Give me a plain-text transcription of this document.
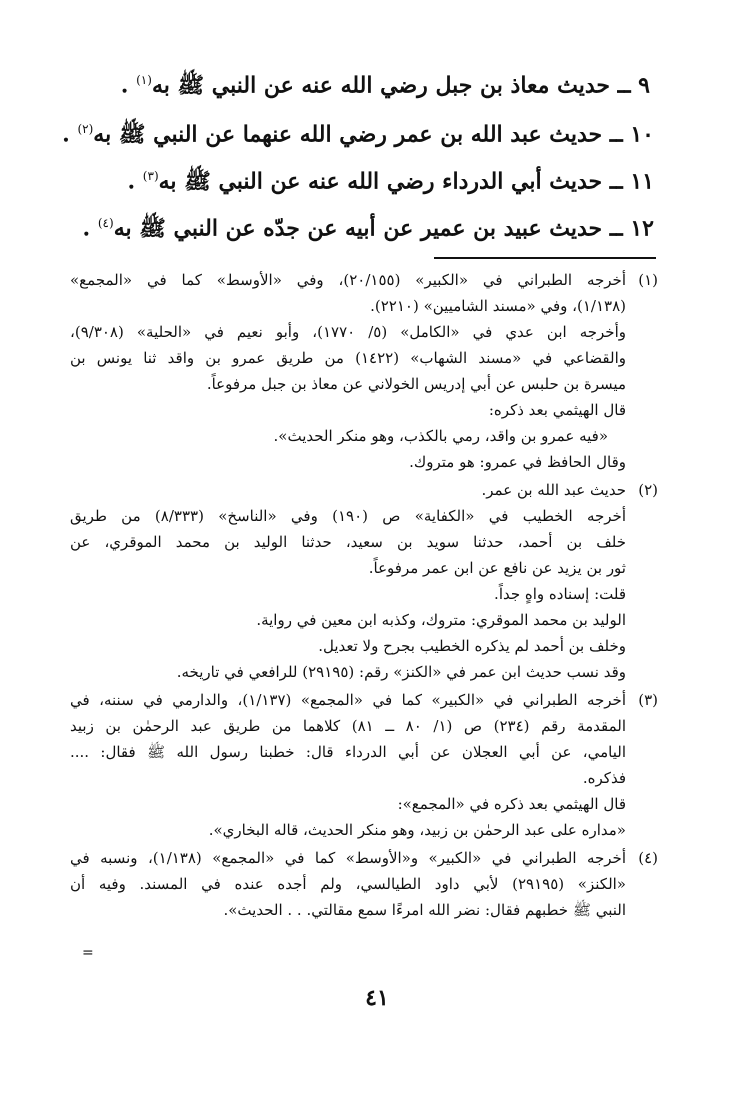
٩ ــ حديث معاذ بن جبل رضي الله عنه عن النبي ﷺ به$^{(١)}$ .
١٠ ــ حديث عبد الله بن عمر رضي الله عنهما عن النبي ﷺ به$^{(٢)}$ .
١١ ــ حديث أبي الدرداء رضي الله عنه عن النبي ﷺ به$^{(٣)}$ .
١٢ ــ حديث عبيد بن عمير عن أبيه عن جدّه عن النبي ﷺ به$^{(٤)}$ .
(١)
أخرجه الطبراني في «الكبير» (٢٠/١٥٥)، وفي «الأوسط» كما في «المجمع»
(١/١٣٨)، وفي «مسند الشاميين» (٢٢١٠).
وأخرجه ابن عدي في «الكامل» (٥/ ١٧٧٠)، وأبو نعيم في «الحلية» (٩/٣٠٨)،
والقضاعي في «مسند الشهاب» (١٤٢٢) من طريق عمرو بن واقد ثنا يونس بن
ميسرة بن حلبس عن أبي إدريس الخولاني عن معاذ بن جبل مرفوعاً.
قال الهيثمي بعد ذكره:
«فيه عمرو بن واقد، رمي بالكذب، وهو منكر الحديث».
وقال الحافظ في عمرو: هو متروك.
(٢)
حديث عبد الله بن عمر.
أخرجه الخطيب في «الكفاية» ص (١٩٠) وفي «الناسخ» (٨/٣٣٣) من طريق
خلف بن أحمد، حدثنا سويد بن سعيد، حدثنا الوليد بن محمد الموقري، عن
ثور بن يزيد عن نافع عن ابن عمر مرفوعاً.
قلت: إسناده واهٍ جداً.
الوليد بن محمد الموقري: متروك، وكذبه ابن معين في رواية.
وخلف بن أحمد لم يذكره الخطيب بجرح ولا تعديل.
وقد نسب حديث ابن عمر في «الكنز» رقم: (٢٩١٩٥) للرافعي في تاريخه.
(٣)
أخرجه الطبراني في «الكبير» كما في «المجمع» (١/١٣٧)، والدارمي في سننه، في
المقدمة رقم (٢٣٤) ص (١/ ٨٠ ــ ٨١) كلاهما من طريق عبد الرحمٰن بن زبيد
اليامي، عن أبي العجلان عن أبي الدرداء قال: خطبنا رسول الله ﷺ فقال: ....
فذكره.
قال الهيثمي بعد ذكره في «المجمع»:
«مداره على عبد الرحمٰن بن زبيد، وهو منكر الحديث، قاله البخاري».
(٤)
أخرجه الطبراني في «الكبير» و«الأوسط» كما في «المجمع» (١/١٣٨)، ونسبه في
«الكنز» (٢٩١٩٥) لأبي داود الطيالسي، ولم أجده عنده في المسند. وفيه أن
النبي ﷺ خطبهم فقال: نضر الله امرءًا سمع مقالتي. . . الحديث».
=
٤١
